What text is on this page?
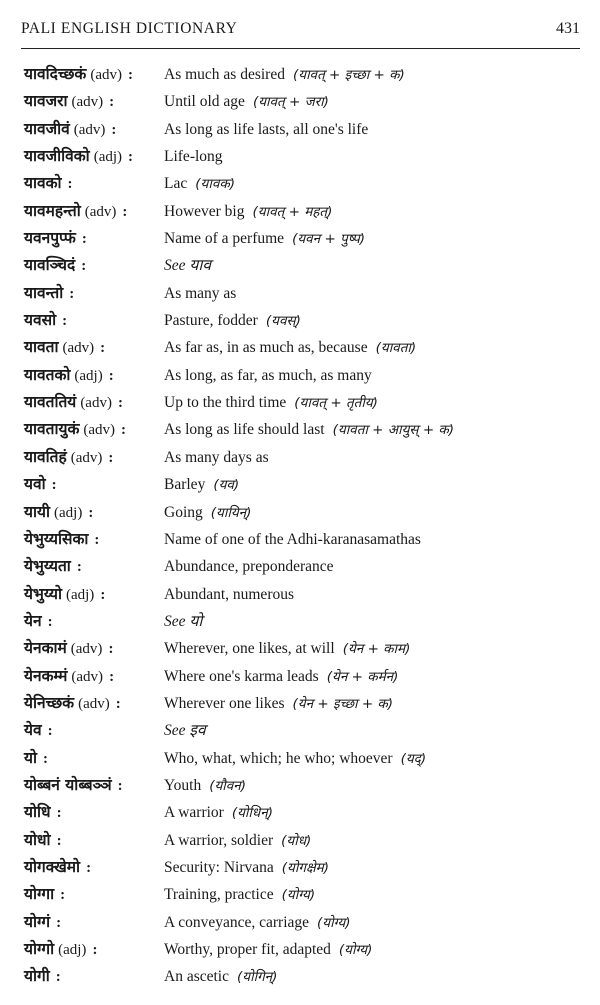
PALI ENGLISH DICTIONARY	431
यावदिच्छकं (adv) : As much as desired (यावत् + इच्छा + क)
यावजरा (adv) :	Until old age (यावत् + जरा)
यावजीवं (adv) :	As long as life lasts, all one's life
यावजीविको (adj) : Life-long
यावको :	Lac (यावक)
यावमहन्तो (adv) : However big (यावत् + महत्)
यवनपुप्फं :	Name of a perfume (यवन + पुष्प)
यावञ्चिदं :	See याव
यावन्तो :	As many as
यवसो :	Pasture, fodder (यवस्)
यावता (adv) :	As far as, in as much as, because (यावता)
यावतको (adj) :	As long, as far, as much, as many
यावततियं (adv) :	Up to the third time (यावत् + तृतीय)
यावतायुकं (adv) : As long as life should last (यावता + आयुस् + क)
यावतिहं (adv) :	As many days as
यवो :	Barley (यव)
यायी (adj) :	Going (यायिन्)
येभुय्यसिका :	Name of one of the Adhi-karanasamathas
येभुय्यता :	Abundance, preponderance
येभुय्यो (adj) :	Abundant, numerous
येन :	See यो
येनकामं (adv) :	Wherever, one likes, at will (येन + काम)
येनकम्मं (adv) :	Where one's karma leads (येन + कर्मन)
येनिच्छकं (adv) :	Wherever one likes (येन + इच्छा + क)
येव :	See इव
यो :	Who, what, which; he who; whoever (यद्)
योब्बनं योब्बञ्ञं :	Youth (यौवन)
योधि :	A warrior (योधिन्)
योधो :	A warrior, soldier (योध)
योगक्खेमो :	Security: Nirvana (योगक्षेम)
योग्गा :	Training, practice (योग्य)
योग्गं :	A conveyance, carriage (योग्य)
योग्गो (adj) :	Worthy, proper fit, adapted (योग्य)
योगी :	An ascetic (योगिन्)
